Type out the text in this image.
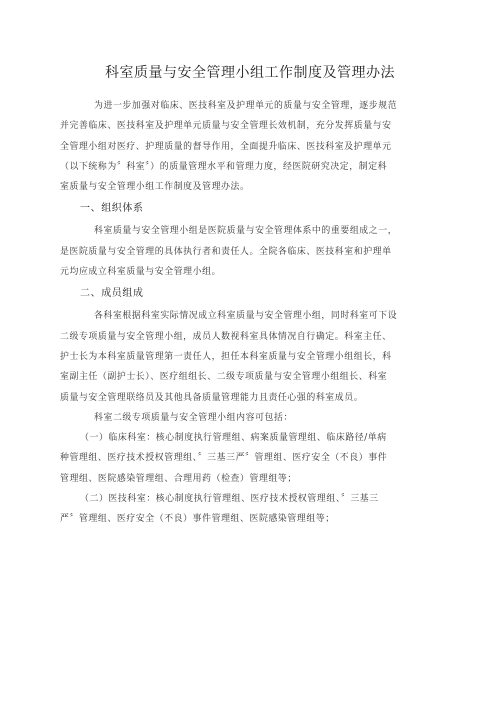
科室质量与安全管理小组工作制度及管理办法
为进一步加强对临床、医技科室及护理单元的质量与安全管理，逐步规范
并完善临床、医技科室及护理单元质量与安全管理长效机制，充分发挥质量与安
全管理小组对医疗、护理质量的督导作用，全面提升临床、医技科室及护理单元
（以下统称为〞科室〞）的质量管理水平和管理力度，经医院研究决定，制定科
室质量与安全管理小组工作制度及管理办法。
一、组织体系
科室质量与安全管理小组是医院质量与安全管理体系中的重要组成之一，
是医院质量与安全管理的具体执行者和责任人。全院各临床、医技科室和护理单
元均应成立科室质量与安全管理小组。
二、成员组成
各科室根据科室实际情况成立科室质量与安全管理小组，同时科室可下设
二级专项质量与安全管理小组，成员人数视科室具体情况自行确定。科室主任、
护士长为本科室质量管理第一责任人，担任本科室质量与安全管理小组组长，科
室副主任（副护士长）、医疗组组长、二级专项质量与安全管理小组组长、科室
质量与安全管理联络员及其他具备质量管理能力且责任心强的科室成员。
科室二级专项质量与安全管理小组内容可包括：
（一）临床科室：核心制度执行管理组、病案质量管理组、临床路径/单病
种管理组、医疗技术授权管理组、〞三基三严〞管理组、医疗安全（不良）事件
管理组、医院感染管理组、合理用药（检查）管理组等；
（二）医技科室：核心制度执行管理组、医疗技术授权管理组、〞三基三
严〞管理组、医疗安全（不良）事件管理组、医院感染管理组等；
